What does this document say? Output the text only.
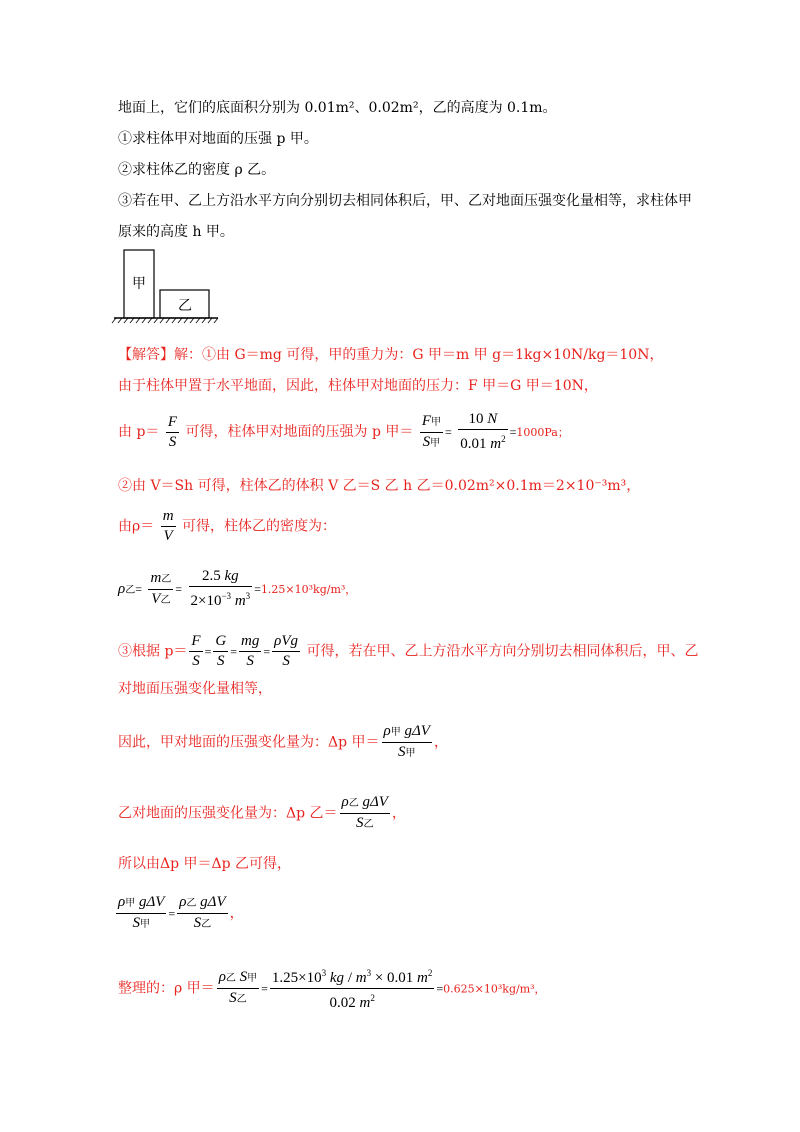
地面上，它们的底面积分别为 0.01m²、0.02m²，乙的高度为 0.1m。
①求柱体甲对地面的压强 p 甲。
②求柱体乙的密度 ρ 乙。
③若在甲、乙上方沿水平方向分别切去相同体积后，甲、乙对地面压强变化量相等，求柱体甲
原来的高度 h 甲。
甲
乙
【解答】解：①由 G＝mg 可得，甲的重力为：G 甲＝m 甲 g＝1kg×10N/kg＝10N，
由于柱体甲置于水平地面，因此，柱体甲对地面的压力：F 甲＝G 甲＝10N，
由 $p= \frac{F}{S}$ 可得，柱体甲对地面的压强为 p 甲＝ $\frac{\text{F甲}}{\text{S甲}} = \frac{10 N}{0.01 m^2} =1000Pa$；
②由 V＝Sh 可得，柱体乙的体积 V 乙＝S 乙 h 乙＝0.02m²×0.1m＝2×10⁻³m³，
由$\rho= \frac{m}{V}$ 可得，柱体乙的密度为：
ρ乙= $\frac{\text{m乙}}{\text{V乙}} = \frac{2.5 kg}{2\times 10^{-3} m^3} =1.25\times 10^3kg/m^3$，
③根据 $p= \frac{F}{S} = \frac{G}{S} = \frac{mg}{S} = \frac{\text{ρVg}}{S}$ 可得，若在甲、乙上方沿水平方向分别切去相同体积后，甲、乙
对地面压强变化量相等，
因此，甲对地面的压强变化量为：Δp 甲＝ $\frac{\text{ρ甲 gΔV}}{\text{S甲}}$ ，
乙对地面的压强变化量为：Δp 乙＝ $\frac{\text{ρ乙 gΔV}}{\text{S乙}}$ ，
所以由Δp 甲＝Δp 乙可得，
$\frac{\text{ρ甲 gΔV}}{\text{S甲}} = \frac{\text{ρ乙 gΔV}}{\text{S乙}}$ ，
整理的：ρ 甲＝ $\frac{\text{ρ乙 S甲}}{\text{S乙}} = \frac{1.25\times 10^3 kg / m^3 \times 0.01 m^2}{0.02 m^2} =0.625\times 10^3kg/m^3$，
